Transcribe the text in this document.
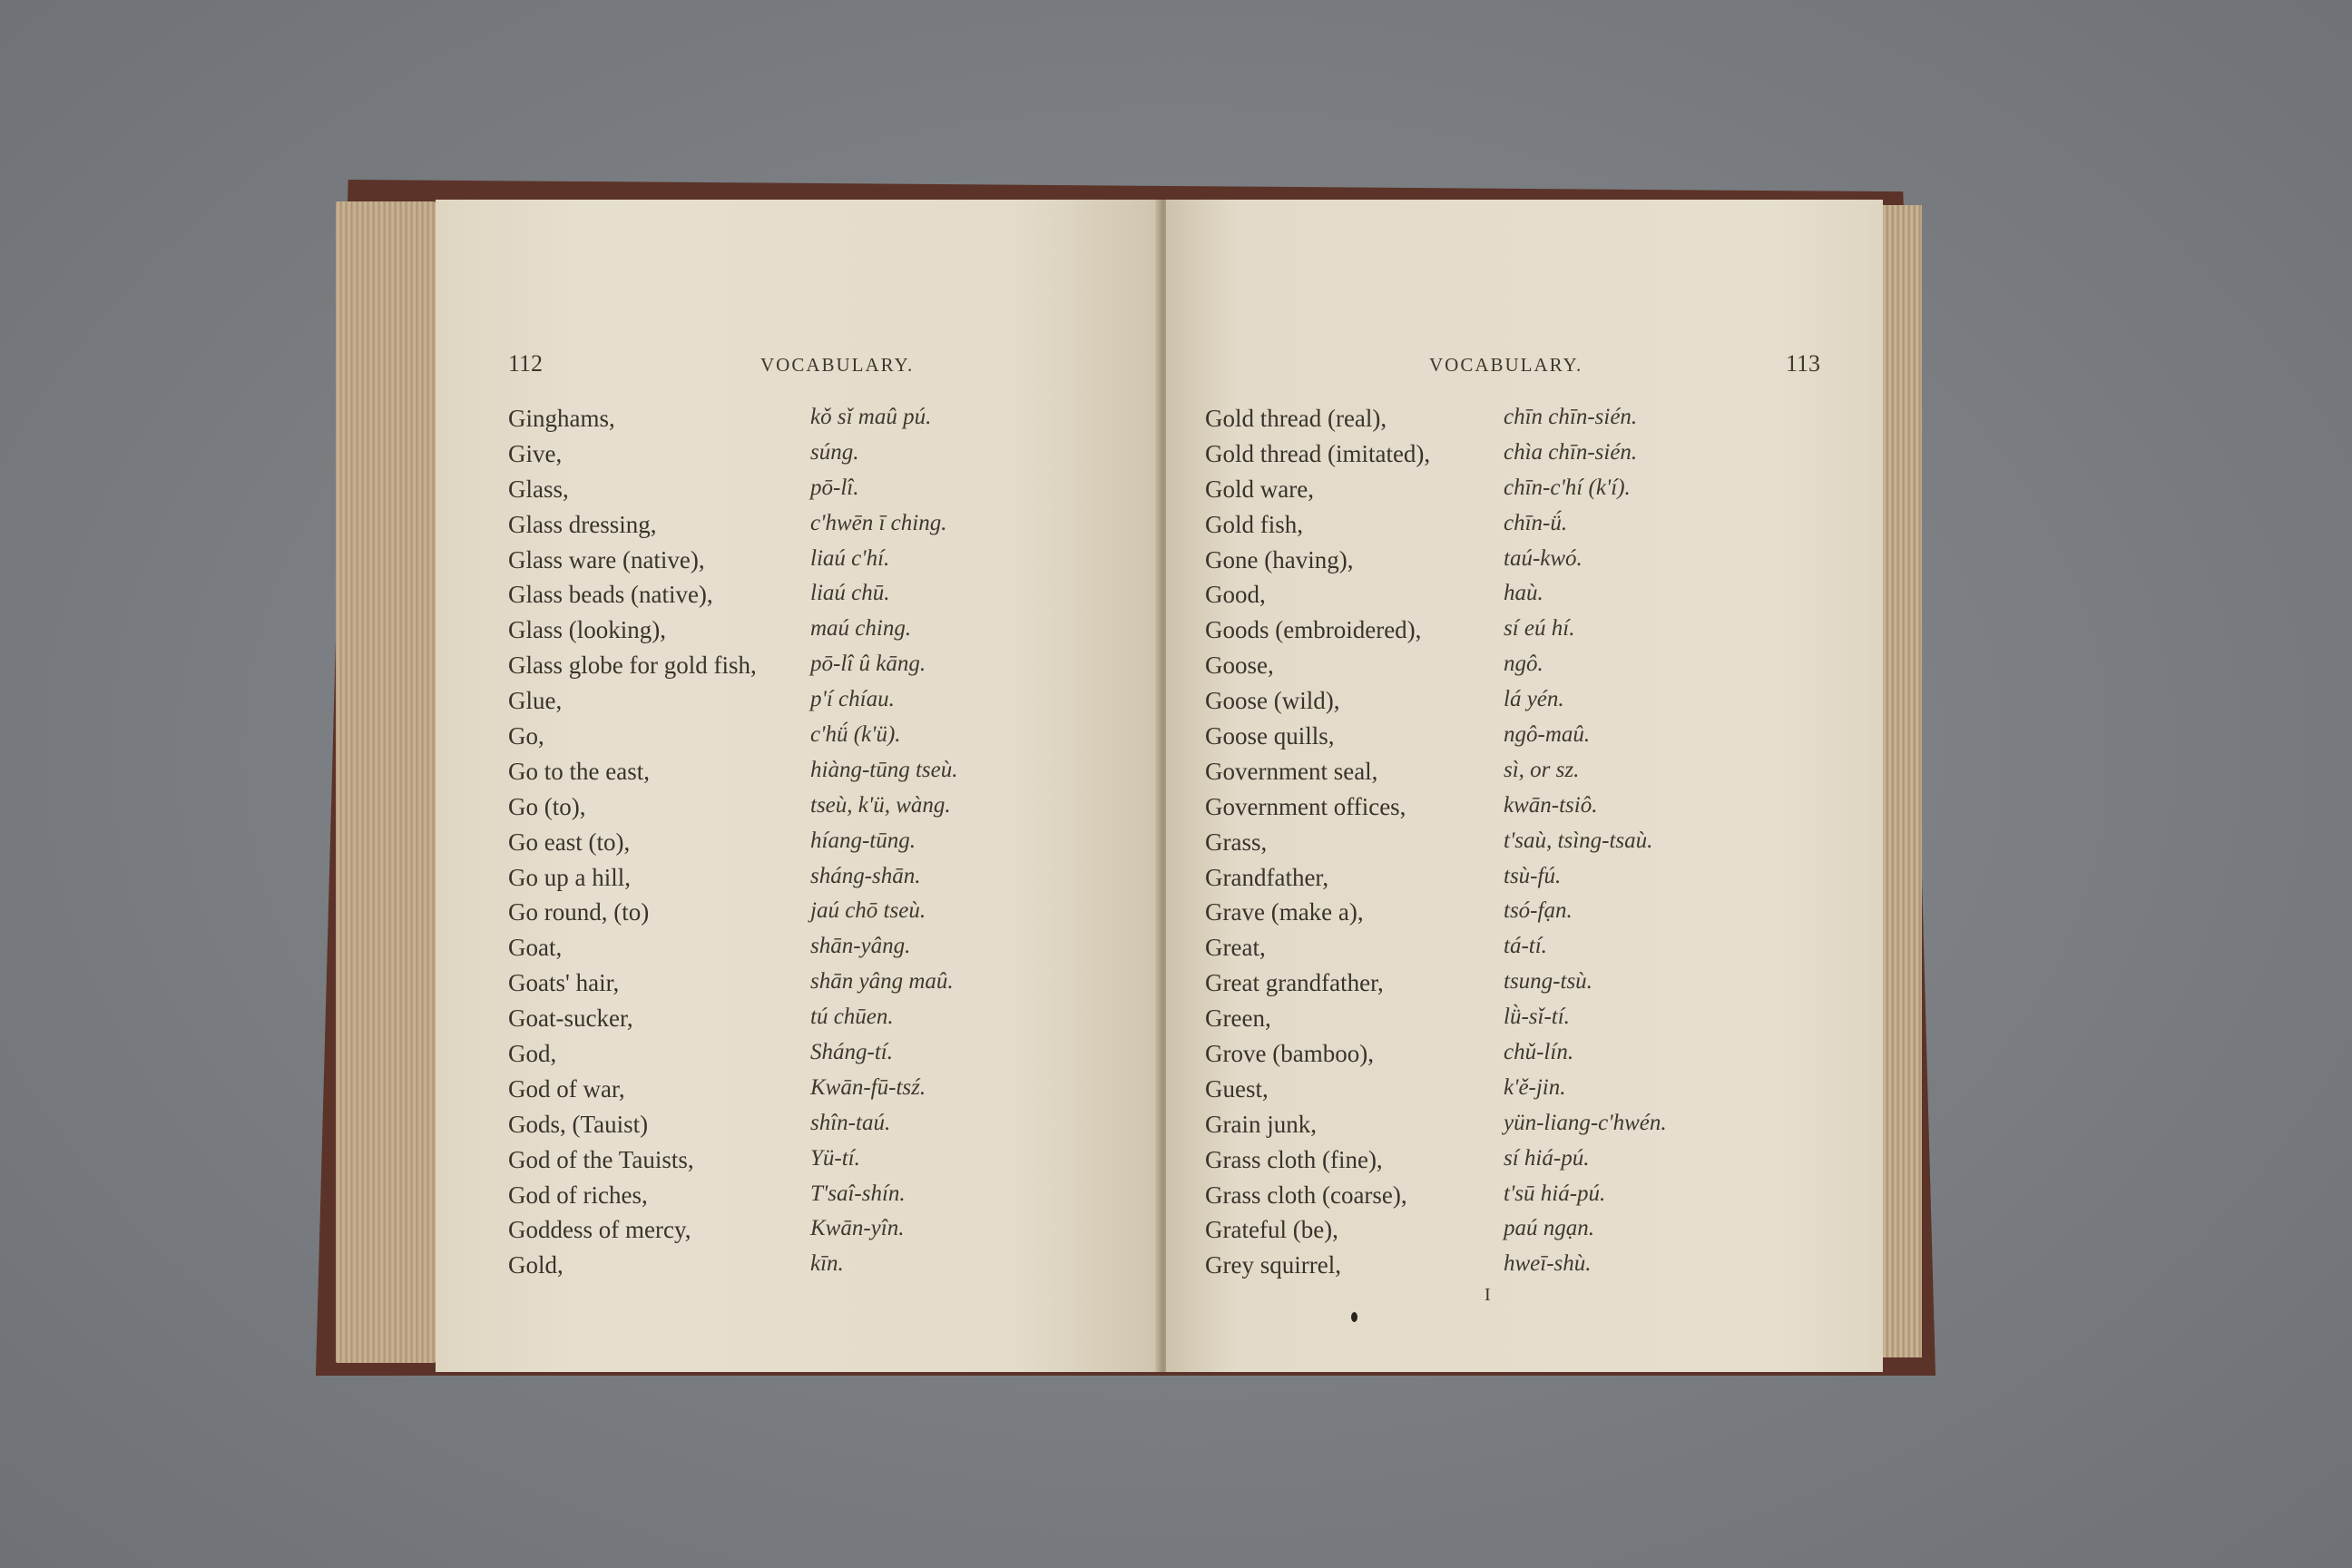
112	VOCABULARY.
Ginghams,	kǒ sǐ maû pú.
Give,	súng.
Glass,	pō-lî.
Glass dressing,	c'hwēn ī ching.
Glass ware (native),	liaú c'hí.
Glass beads (native),	liaú chū.
Glass (looking),	maú ching.
Glass globe for gold fish, pō-lî û kāng.
Glue,	p'í chíau.
Go,	c'hǘ (k'ü).
Go to the east,	hiàng-tūng tseù.
Go (to),	tseù, k'ü, wàng.
Go east (to),	híang-tūng.
Go up a hill,	sháng-shān.
Go round, (to)	jaú chō tseù.
Goat,	shān-yâng.
Goats' hair,	shān yâng maû.
Goat-sucker,	tú chūen.
God,	Sháng-tí.
God of war,	Kwān-fū-tsź.
Gods, (Tauist)	shîn-taú.
God of the Tauists,	Yü-tí.
God of riches,	T'saî-shín.
Goddess of mercy,	Kwān-yîn.
Gold,	kīn.
VOCABULARY.	113
Gold thread (real),	chīn chīn-sién.
Gold thread (imitated),	chìa chīn-sién.
Gold ware,	chīn-c'hí (k'í).
Gold fish,	chīn-ǘ.
Gone (having),	taú-kwó.
Good,	haù.
Goods (embroidered),	sí eú hí.
Goose,	ngô.
Goose (wild),	lá yén.
Goose quills,	ngô-maû.
Government seal,	sì, or sz.
Government offices,	kwān-tsiô.
Grass,	t'saù, tsìng-tsaù.
Grandfather,	tsù-fú.
Grave (make a),	tsó-fạn.
Great,	tá-tí.
Great grandfather,	tsung-tsù.
Green,	lǜ-sǐ-tí.
Grove (bamboo),	chǔ-lín.
Guest,	k'ě-jin.
Grain junk,	yün-liang-c'hwén.
Grass cloth (fine),	sí hiá-pú.
Grass cloth (coarse),	t'sū hiá-pú.
Grateful (be),	paú ngạn.
Grey squirrel,	hweī-shù.
I
